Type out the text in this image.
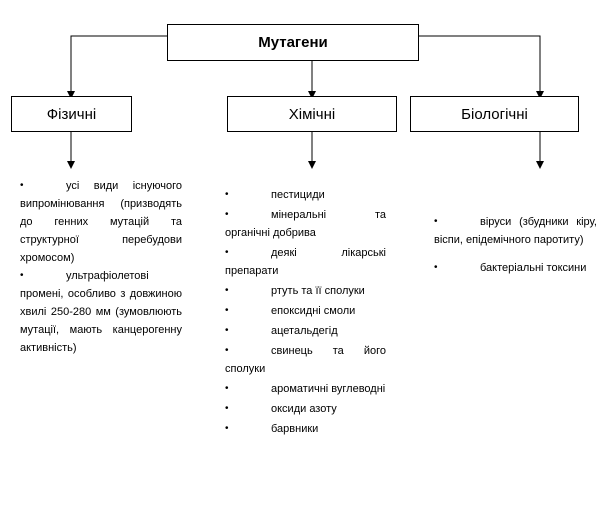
Мутагени
Фізичні	Хімічні	Біологічні
•	усі види існуючого випромінювання (призводять до генних мутацій та структурної перебудови хромосом)
•	ультрафіолетові промені, особливо з довжиною хвилі 250-280 мм (зумовлюють мутації, мають канцерогенну активність)
•	пестициди
•	мінеральні та органічні добрива
•	деякі лікарські препарати
•	ртуть та її сполуки
•	епоксидні смоли
•	ацетальдегід
•	свинець та його сполуки
•	ароматичні вуглеводні
•	оксиди азоту
•	барвники
•	віруси (збудники кіру, віспи, епідемічного паротиту)
•	бактеріальні токсини
